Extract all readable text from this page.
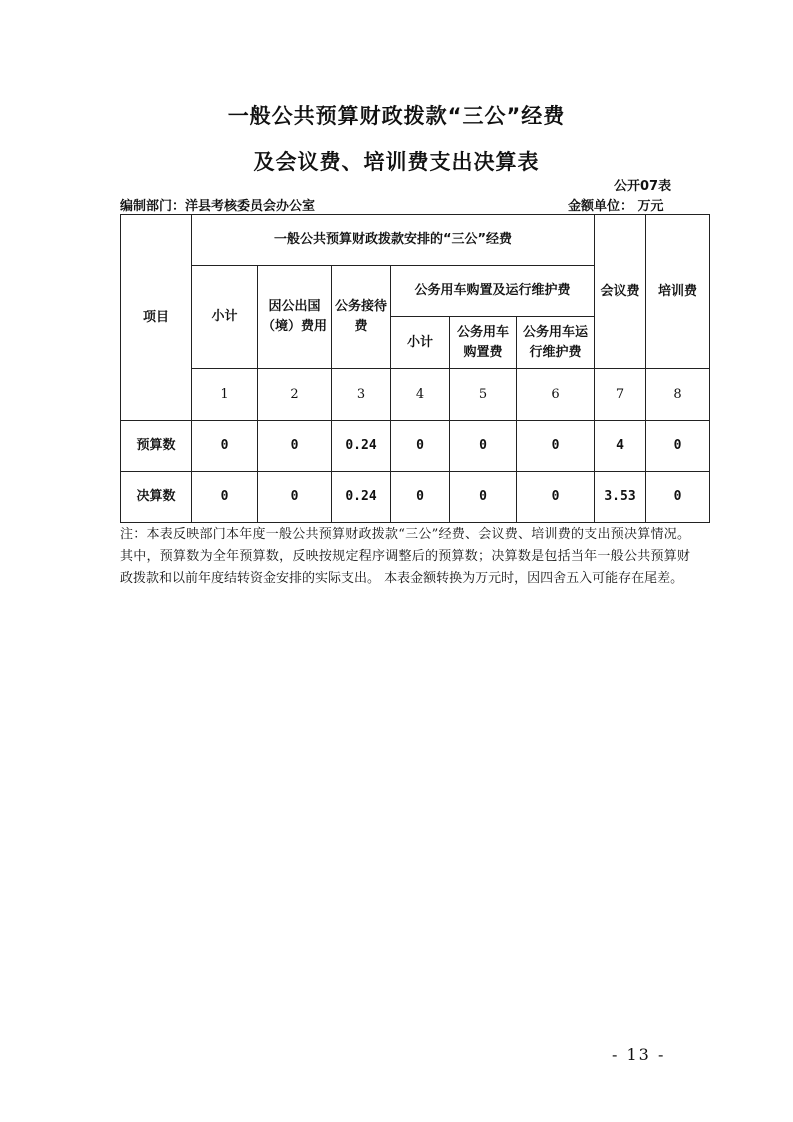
一般公共预算财政拨款“三公”经费
及会议费、培训费支出决算表
公开07表
编制部门：洋县考核委员会办公室	金额单位： 万元
项目	一般公共预算财政拨款安排的“三公”经费						会议费	培训费
	小计	因公出国（境）费用	公务接待费	公务用车购置及运行维护费				
				小计	公务用车购置费	公务用车运行维护费		
	1	2	3	4	5	6	7	8
预算数	0	0	0.24	0	0	0	4	0
决算数	0	0	0.24	0	0	0	3.53	0
注：本表反映部门本年度一般公共预算财政拨款“三公”经费、会议费、培训费的支出预决算情况。其中，预算数为全年预算数，反映按规定程序调整后的预算数；决算数是包括当年一般公共预算财政拨款和以前年度结转资金安排的实际支出。 本表金额转换为万元时，因四舍五入可能存在尾差。
- 13 -
